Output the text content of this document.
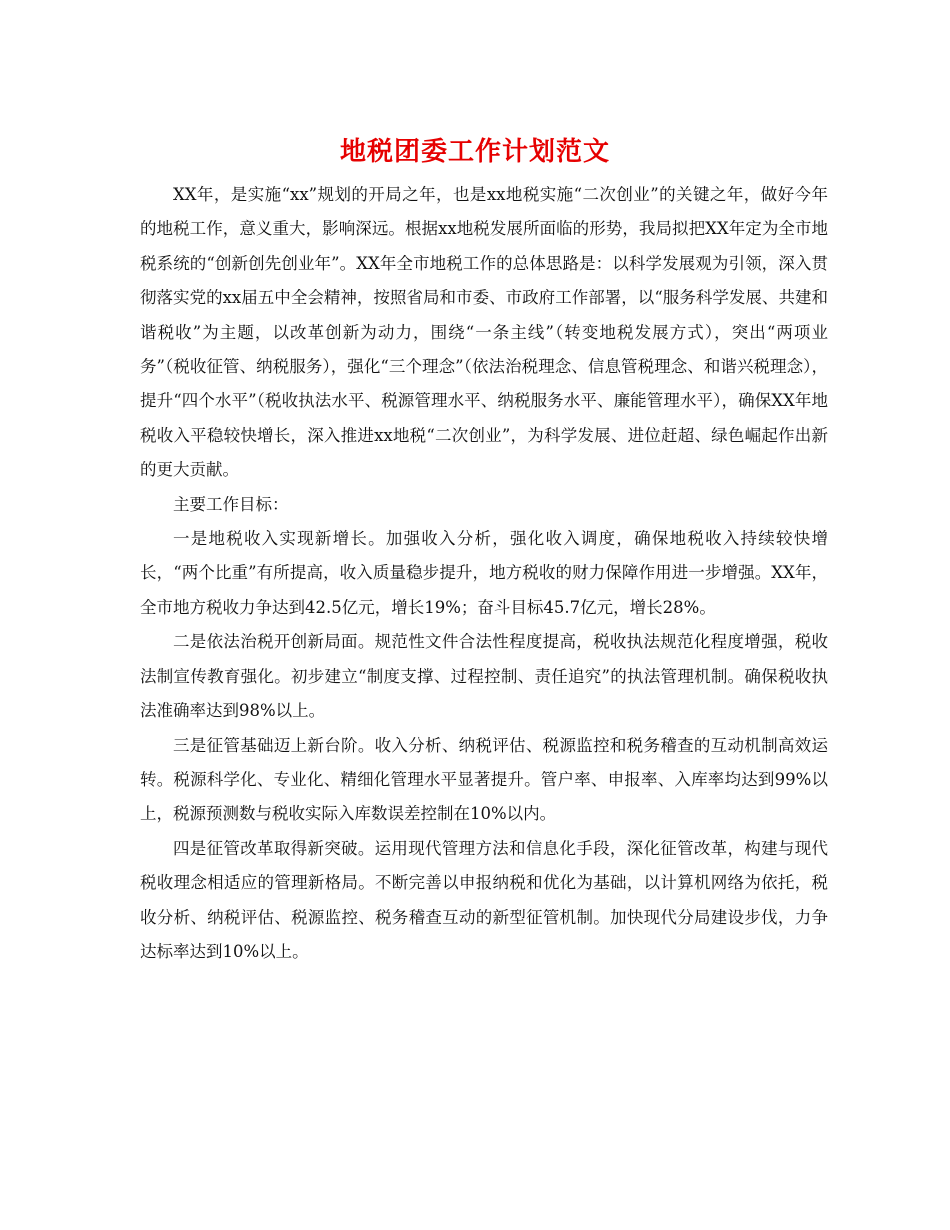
地税团委工作计划范文

XX年，是实施“xx”规划的开局之年，也是xx地税实施“二次创业”的关键之年，做好今年的地税工作，意义重大，影响深远。根据xx地税发展所面临的形势，我局拟把XX年定为全市地税系统的“创新创先创业年”。XX年全市地税工作的总体思路是：以科学发展观为引领，深入贯彻落实党的xx届五中全会精神，按照省局和市委、市政府工作部署，以“服务科学发展、共建和谐税收”为主题，以改革创新为动力，围绕“一条主线”（转变地税发展方式），突出“两项业务”（税收征管、纳税服务），强化“三个理念”（依法治税理念、信息管税理念、和谐兴税理念），提升“四个水平”（税收执法水平、税源管理水平、纳税服务水平、廉能管理水平），确保XX年地税收入平稳较快增长，深入推进xx地税“二次创业”，为科学发展、进位赶超、绿色崛起作出新的更大贡献。

主要工作目标：

一是地税收入实现新增长。加强收入分析，强化收入调度，确保地税收入持续较快增长，“两个比重”有所提高，收入质量稳步提升，地方税收的财力保障作用进一步增强。XX年，全市地方税收力争达到42.5亿元，增长19%；奋斗目标45.7亿元，增长28%。

二是依法治税开创新局面。规范性文件合法性程度提高，税收执法规范化程度增强，税收法制宣传教育强化。初步建立“制度支撑、过程控制、责任追究”的执法管理机制。确保税收执法准确率达到98%以上。

三是征管基础迈上新台阶。收入分析、纳税评估、税源监控和税务稽查的互动机制高效运转。税源科学化、专业化、精细化管理水平显著提升。管户率、申报率、入库率均达到99%以上，税源预测数与税收实际入库数误差控制在10%以内。

四是征管改革取得新突破。运用现代管理方法和信息化手段，深化征管改革，构建与现代税收理念相适应的管理新格局。不断完善以申报纳税和优化为基础，以计算机网络为依托，税收分析、纳税评估、税源监控、税务稽查互动的新型征管机制。加快现代分局建设步伐，力争达标率达到10%以上。
